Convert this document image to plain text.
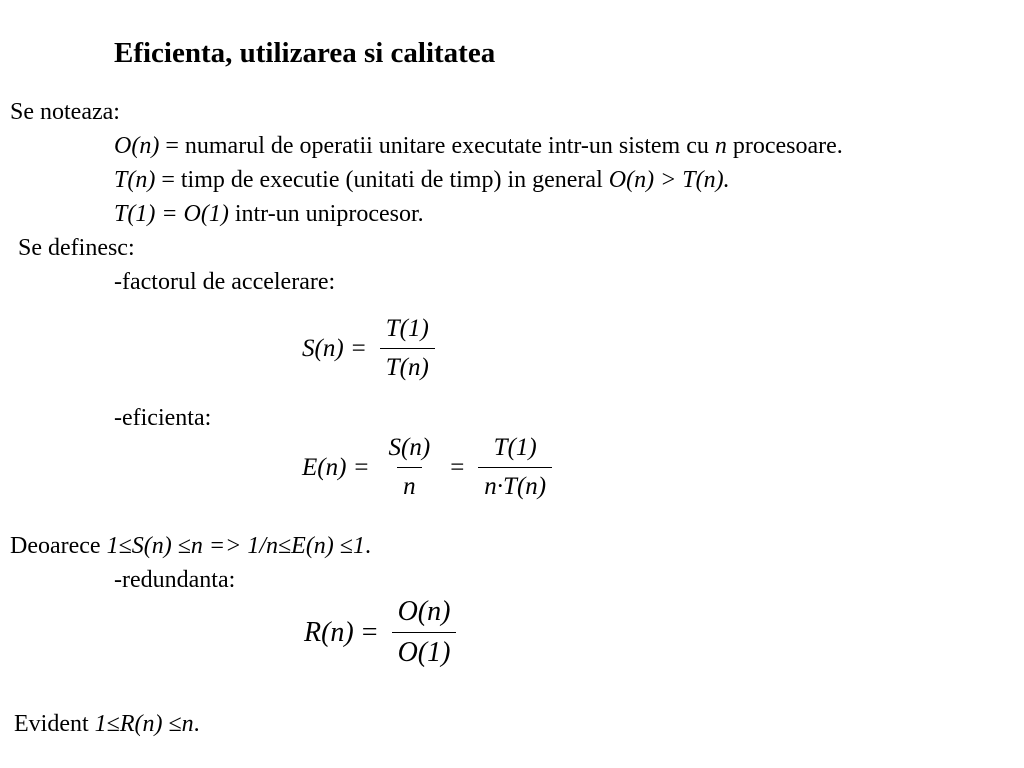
Eficienta, utilizarea si calitatea
Se noteaza:
O(n) = numarul de operatii unitare executate intr-un sistem cu n procesoare.
T(n) = timp de executie (unitati de timp) in general O(n) > T(n).
T(1) = O(1) intr-un uniprocesor.
Se definesc:
-factorul de accelerare:
$S(n) = \frac{T(1)}{T(n)}$
-eficienta:
$E(n) = \frac{S(n)}{n} = \frac{T(1)}{n\cdot T(n)}$
Deoarece 1≤S(n) ≤n => 1/n≤E(n) ≤1.
-redundanta:
$R(n) = \frac{O(n)}{O(1)}$
Evident 1≤R(n) ≤n.
